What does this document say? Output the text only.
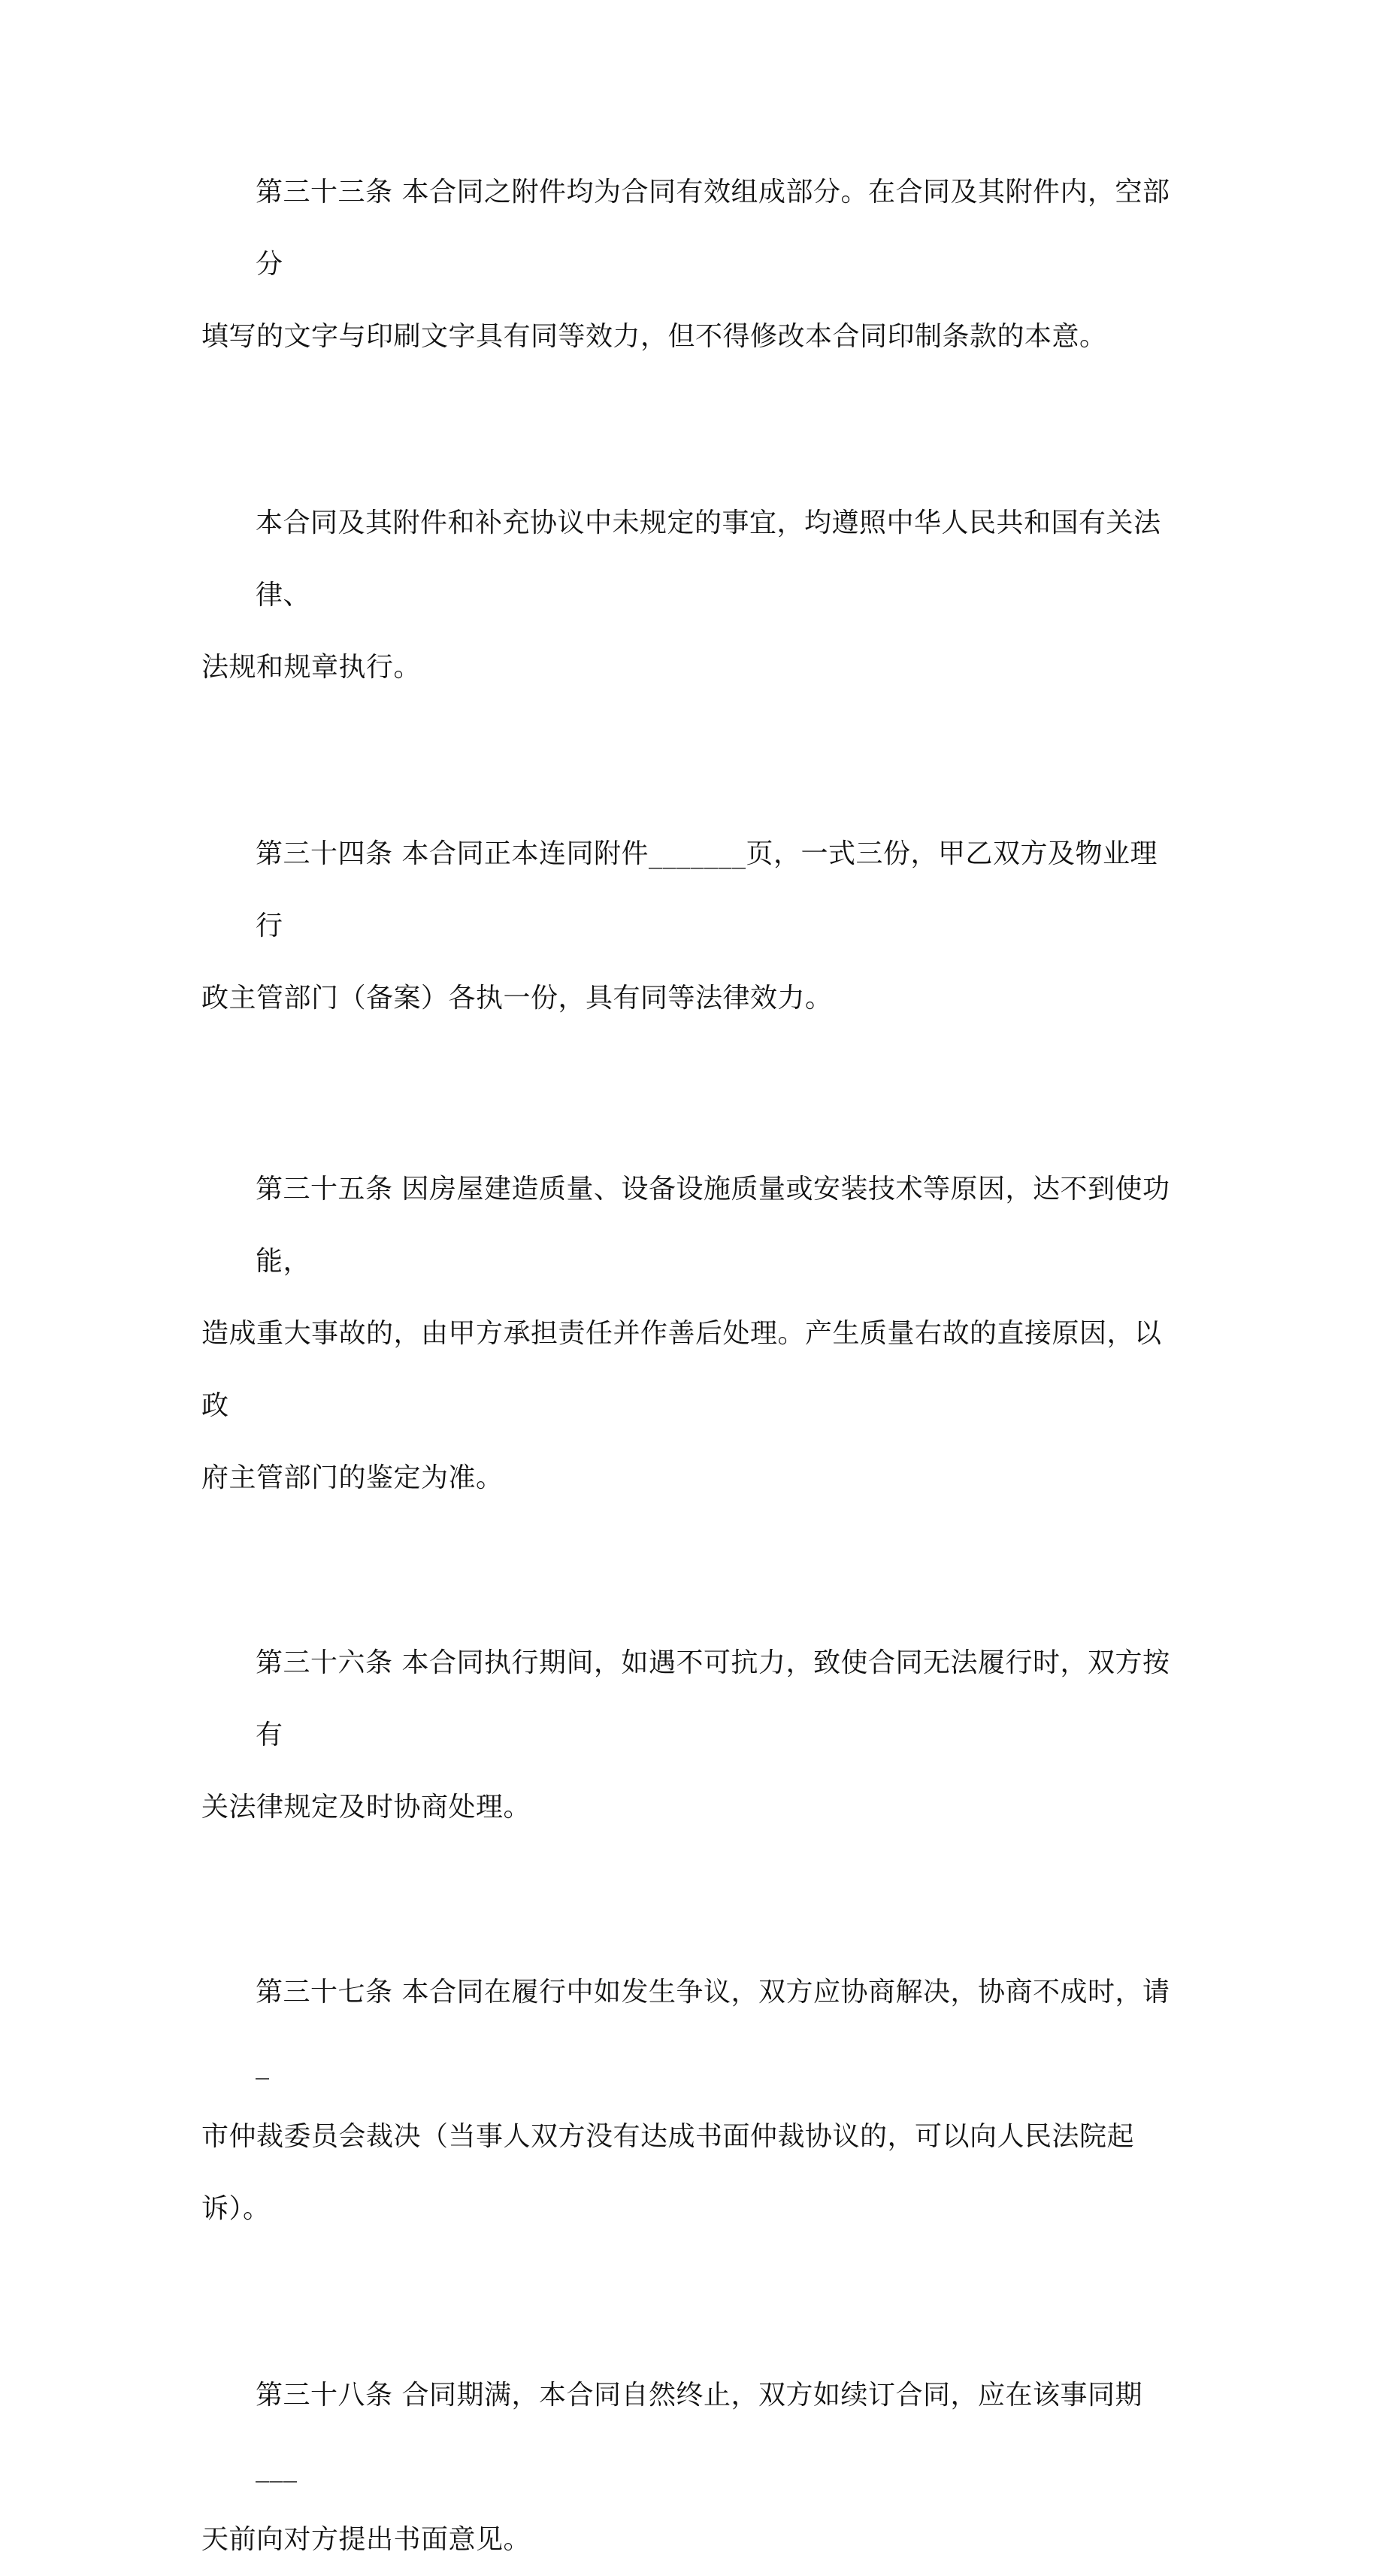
第三十三条 本合同之附件均为合同有效组成部分。在合同及其附件内，空部分
填写的文字与印刷文字具有同等效力，但不得修改本合同印制条款的本意。

本合同及其附件和补充协议中未规定的事宜，均遵照中华人民共和国有关法律、
法规和规章执行。

第三十四条 本合同正本连同附件_______页，一式三份，甲乙双方及物业理行
政主管部门（备案）各执一份，具有同等法律效力。

第三十五条 因房屋建造质量、设备设施质量或安装技术等原因，达不到使功能，
造成重大事故的，由甲方承担责任并作善后处理。产生质量右故的直接原因，以政
府主管部门的鉴定为准。

第三十六条 本合同执行期间，如遇不可抗力，致使合同无法履行时，双方按有
关法律规定及时协商处理。

第三十七条 本合同在履行中如发生争议，双方应协商解决，协商不成时，请_
市仲裁委员会裁决（当事人双方没有达成书面仲裁协议的，可以向人民法院起诉）。

第三十八条 合同期满，本合同自然终止，双方如续订合同，应在该事同期___
天前向对方提出书面意见。
